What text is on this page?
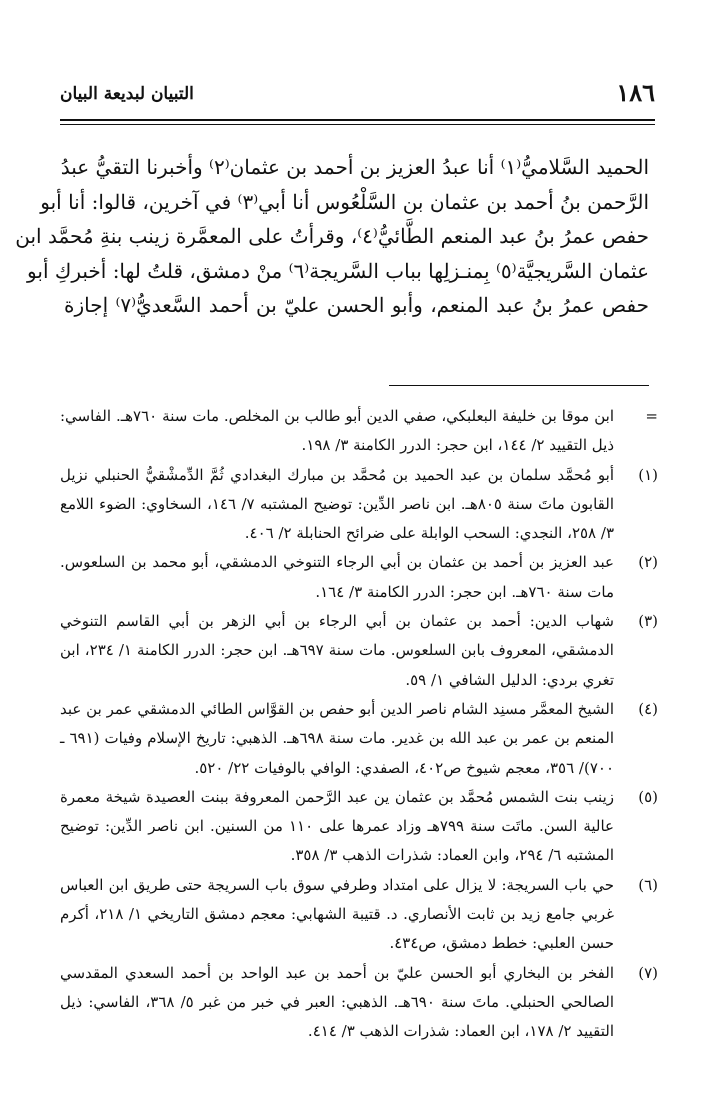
١٨٦
التبيان لبديعة البيان
الحميد السَّلاميُّ⁽١⁾ أنا عبدُ العزيز بن أحمد بن عثمان⁽٢⁾ وأخبرنا التقيُّ عبدُ
الرَّحمن بنُ أحمد بن عثمان بن السَّلْعُوس أنا أبي⁽٣⁾ في آخرين، قالوا: أنا أبو
حفص عمرُ بنُ عبد المنعم الطَّائيُّ⁽٤⁾، وقرأتُ على المعمَّرة زينب بنةِ مُحمَّد ابن
عثمان السَّريجيَّة⁽٥⁾ بِمنـزلِها بباب السَّريجة⁽٦⁾ منْ دمشق، قلتُ لها: أخبركِ أبو
حفص عمرُ بنُ عبد المنعم، وأبو الحسن عليّ بن أحمد السَّعديُّ⁽٧⁾ إجازة
=
ابن موقا بن خليفة البعلبكي، صفي الدين أبو طالب بن المخلص. مات سنة ٧٦٠هـ. الفاسي: ذيل التقييد ٢/ ١٤٤، ابن حجر: الدرر الكامنة ٣/ ١٩٨.
(١)
أبو مُحمَّد سلمان بن عبد الحميد بن مُحمَّد بن مبارك البغدادي ثُمَّ الدِّمشْقيُّ الحنبلي نزيل القابون ماتَ سنة ٨٠٥هـ. ابن ناصر الدِّين: توضيح المشتبه ٧/ ١٤٦، السخاوي: الضوء اللامع ٣/ ٢٥٨، النجدي: السحب الوابلة على ضرائح الحنابلة ٢/ ٤٠٦.
(٢)
عبد العزيز بن أحمد بن عثمان بن أبي الرجاء التنوخي الدمشقي، أبو محمد بن السلعوس. مات سنة ٧٦٠هـ. ابن حجر: الدرر الكامنة ٣/ ١٦٤.
(٣)
شهاب الدين: أحمد بن عثمان بن أبي الرجاء بن أبي الزهر بن أبي القاسم التنوخي الدمشقي، المعروف بابن السلعوس. مات سنة ٦٩٧هـ. ابن حجر: الدرر الكامنة ١/ ٢٣٤، ابن تغري بردي: الدليل الشافي ١/ ٥٩.
(٤)
الشيخ المعمَّر مسنِد الشام ناصر الدين أبو حفص بن القوَّاس الطائي الدمشقي عمر بن عبد المنعم بن عمر بن عبد الله بن غدير. مات سنة ٦٩٨هـ. الذهبي: تاريخ الإسلام وفيات (٦٩١ ـ ٧٠٠)/ ٣٥٦، معجم شيوخ ص٤٠٢، الصفدي: الوافي بالوفيات ٢٢/ ٥٢٠.
(٥)
زينب بنت الشمس مُحمَّد بن عثمان ين عبد الرَّحمن المعروفة ببنت العصيدة شيخة معمرة عالية السن. ماتَت سنة ٧٩٩هـ وزاد عمرها على ١١٠ من السنين. ابن ناصر الدِّين: توضيح المشتبه ٦/ ٢٩٤، وابن العماد: شذرات الذهب ٣/ ٣٥٨.
(٦)
حي باب السريجة: لا يزال على امتداد وطرفي سوق باب السريجة حتى طريق ابن العباس غربي جامع زيد بن ثابت الأنصاري. د. قتيبة الشهابي: معجم دمشق التاريخي ١/ ٢١٨، أكرم حسن العلبي: خطط دمشق، ص٤٣٤.
(٧)
الفخر بن البخاري أبو الحسن عليّ بن أحمد بن عبد الواحد بن أحمد السعدي المقدسي الصالحي الحنبلي. ماتَ سنة ٦٩٠هـ. الذهبي: العبر في خبر من غبر ٥/ ٣٦٨، الفاسي: ذيل التقييد ٢/ ١٧٨، ابن العماد: شذرات الذهب ٣/ ٤١٤.
